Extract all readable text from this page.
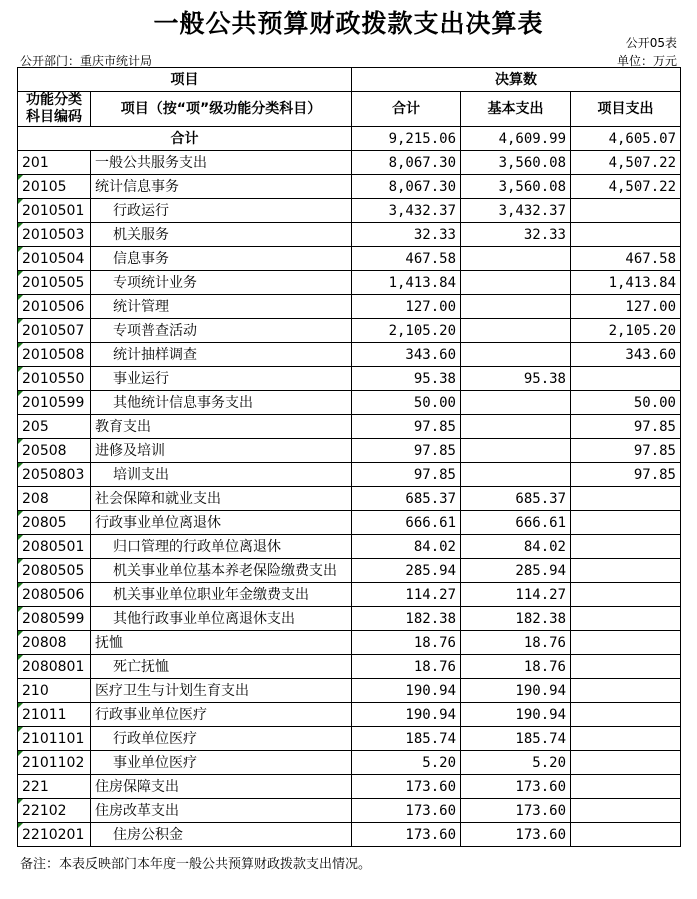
一般公共预算财政拨款支出决算表
公开05表
公开部门：重庆市统计局	单位：万元
项目		决算数		
功能分类
科目编码	项目（按“项”级功能分类科目）	合计	基本支出	项目支出
合计		9,215.06	4,609.99	4,605.07
201	一般公共服务支出	8,067.30	3,560.08	4,507.22

20105	统计信息事务	8,067.30	3,560.08	4,507.22

2010501	行政运行	3,432.37	3,432.37	

2010503	机关服务	32.33	32.33	

2010504	信息事务	467.58		467.58

2010505	专项统计业务	1,413.84		1,413.84

2010506	统计管理	127.00		127.00

2010507	专项普查活动	2,105.20		2,105.20

2010508	统计抽样调查	343.60		343.60

2010550	事业运行	95.38	95.38	

2010599	其他统计信息事务支出	50.00		50.00
205	教育支出	97.85		97.85

20508	进修及培训	97.85		97.85

2050803	培训支出	97.85		97.85
208	社会保障和就业支出	685.37	685.37	

20805	行政事业单位离退休	666.61	666.61	

2080501	归口管理的行政单位离退休	84.02	84.02	

2080505	机关事业单位基本养老保险缴费支出	285.94	285.94	

2080506	机关事业单位职业年金缴费支出	114.27	114.27	

2080599	其他行政事业单位离退休支出	182.38	182.38	

20808	抚恤	18.76	18.76	

2080801	死亡抚恤	18.76	18.76	
210	医疗卫生与计划生育支出	190.94	190.94	

21011	行政事业单位医疗	190.94	190.94	

2101101	行政单位医疗	185.74	185.74	

2101102	事业单位医疗	5.20	5.20	
221	住房保障支出	173.60	173.60	

22102	住房改革支出	173.60	173.60	

2210201	住房公积金	173.60	173.60	
备注：本表反映部门本年度一般公共预算财政拨款支出情况。
